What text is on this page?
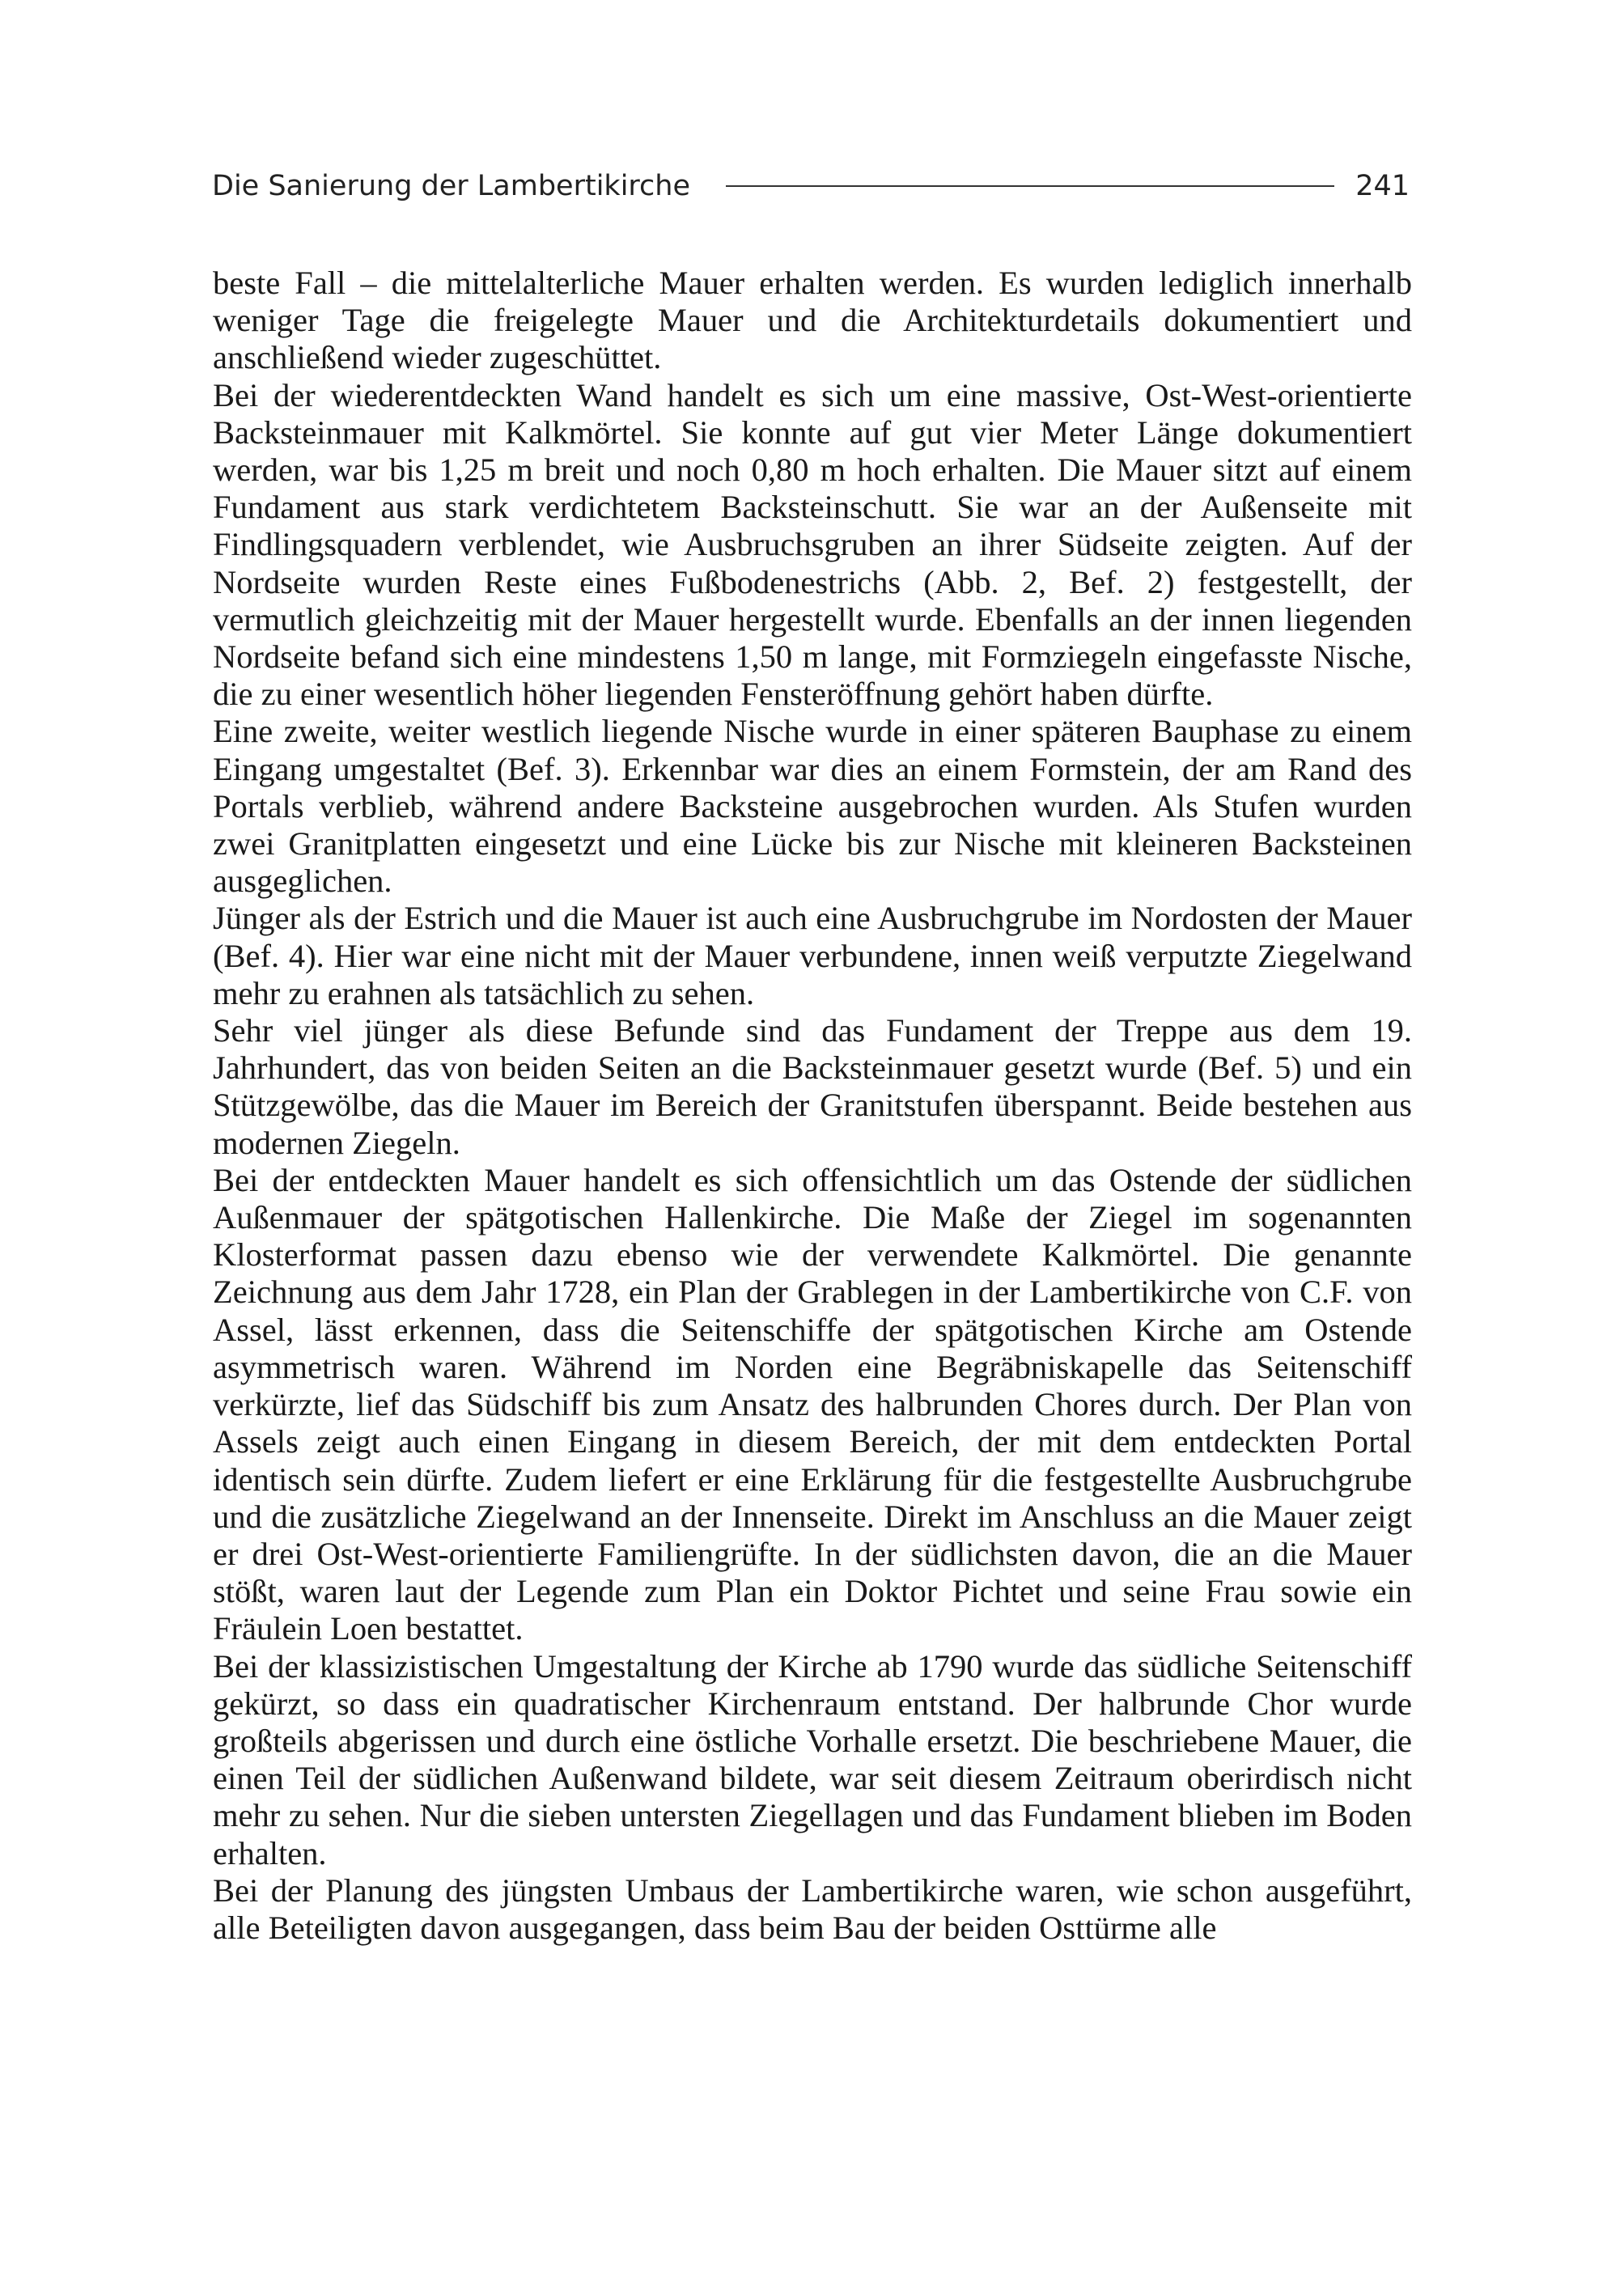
Die Sanierung der Lambertikirche	241

beste Fall – die mittelalterliche Mauer erhalten werden. Es wurden lediglich innerhalb weniger Tage die freigelegte Mauer und die Architekturdetails dokumentiert und anschließend wieder zugeschüttet.

Bei der wiederentdeckten Wand handelt es sich um eine massive, Ost-West-orientierte Backsteinmauer mit Kalkmörtel. Sie konnte auf gut vier Meter Länge dokumentiert werden, war bis 1,25 m breit und noch 0,80 m hoch erhalten. Die Mauer sitzt auf einem Fundament aus stark verdichtetem Backsteinschutt. Sie war an der Außenseite mit Findlingsquadern verblendet, wie Ausbruchsgruben an ihrer Südseite zeigten. Auf der Nordseite wurden Reste eines Fußbodenestrichs (Abb. 2, Bef. 2) festgestellt, der vermutlich gleichzeitig mit der Mauer hergestellt wurde. Ebenfalls an der innen liegenden Nordseite befand sich eine mindestens 1,50 m lange, mit Formziegeln eingefasste Nische, die zu einer wesentlich höher liegenden Fensteröffnung gehört haben dürfte.

Eine zweite, weiter westlich liegende Nische wurde in einer späteren Bauphase zu einem Eingang umgestaltet (Bef. 3). Erkennbar war dies an einem Formstein, der am Rand des Portals verblieb, während andere Backsteine ausgebrochen wurden. Als Stufen wurden zwei Granitplatten eingesetzt und eine Lücke bis zur Nische mit kleineren Backsteinen ausgeglichen.

Jünger als der Estrich und die Mauer ist auch eine Ausbruchgrube im Nordosten der Mauer (Bef. 4). Hier war eine nicht mit der Mauer verbundene, innen weiß verputzte Ziegelwand mehr zu erahnen als tatsächlich zu sehen.

Sehr viel jünger als diese Befunde sind das Fundament der Treppe aus dem 19. Jahrhundert, das von beiden Seiten an die Backsteinmauer gesetzt wurde (Bef. 5) und ein Stützgewölbe, das die Mauer im Bereich der Granitstufen überspannt. Beide bestehen aus modernen Ziegeln.

Bei der entdeckten Mauer handelt es sich offensichtlich um das Ostende der südlichen Außenmauer der spätgotischen Hallenkirche. Die Maße der Ziegel im sogenannten Klosterformat passen dazu ebenso wie der verwendete Kalkmörtel. Die genannte Zeichnung aus dem Jahr 1728, ein Plan der Grablegen in der Lambertikirche von C.F. von Assel, lässt erkennen, dass die Seitenschiffe der spätgotischen Kirche am Ostende asymmetrisch waren. Während im Norden eine Begräbniskapelle das Seitenschiff verkürzte, lief das Südschiff bis zum Ansatz des halbrunden Chores durch. Der Plan von Assels zeigt auch einen Eingang in diesem Bereich, der mit dem entdeckten Portal identisch sein dürfte. Zudem liefert er eine Erklärung für die festgestellte Ausbruchgrube und die zusätzliche Ziegelwand an der Innenseite. Direkt im Anschluss an die Mauer zeigt er drei Ost-West-orientierte Familiengrüfte. In der südlichsten davon, die an die Mauer stößt, waren laut der Legende zum Plan ein Doktor Pichtet und seine Frau sowie ein Fräulein Loen bestattet.

Bei der klassizistischen Umgestaltung der Kirche ab 1790 wurde das südliche Seitenschiff gekürzt, so dass ein quadratischer Kirchenraum entstand. Der halbrunde Chor wurde großteils abgerissen und durch eine östliche Vorhalle ersetzt. Die beschriebene Mauer, die einen Teil der südlichen Außenwand bildete, war seit diesem Zeitraum oberirdisch nicht mehr zu sehen. Nur die sieben untersten Ziegellagen und das Fundament blieben im Boden erhalten.

Bei der Planung des jüngsten Umbaus der Lambertikirche waren, wie schon ausgeführt, alle Beteiligten davon ausgegangen, dass beim Bau der beiden Osttürme alle
